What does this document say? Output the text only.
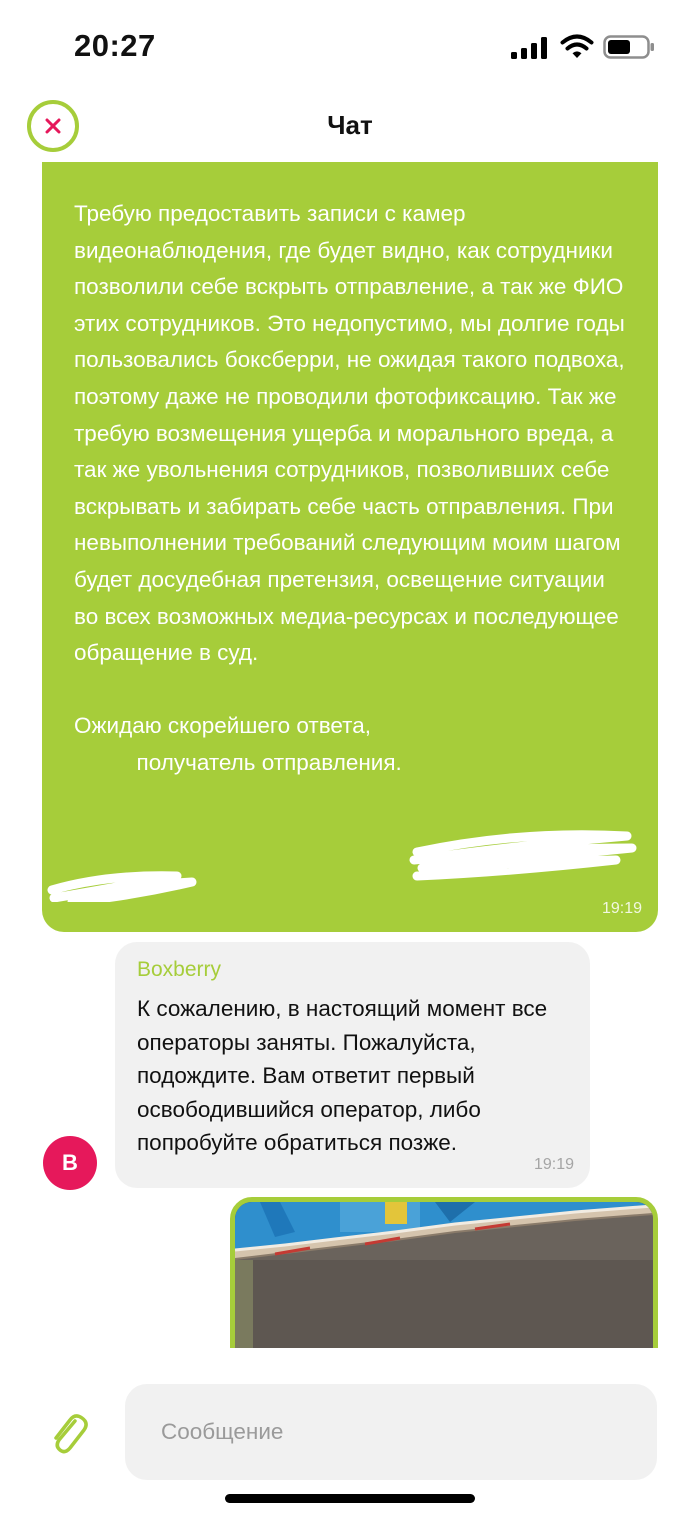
20:27
Чат
Требую предоставить записи с камер видеонаблюдения, где будет видно, как сотрудники позволили себе вскрыть отправление, а так же ФИО этих сотрудников. Это недопустимо, мы долгие годы пользовались боксберри, не ожидая такого подвоха, поэтому даже не проводили фотофиксацию. Так же требую возмещения ущерба и морального вреда, а так же увольнения сотрудников, позволивших себе вскрывать и забирать себе часть отправления. При невыполнении требований следующим моим шагом будет досудебная претензия, освещение ситуации во всех возможных медиа-ресурсах и последующее обращение в суд.

Ожидаю скорейшего ответа,
получатель отправления.
19:19
Boxberry
К сожалению, в настоящий момент все операторы заняты. Пожалуйста, подождите. Вам ответит первый освободившийся оператор, либо попробуйте обратиться позже.
19:19
B
Сообщение
